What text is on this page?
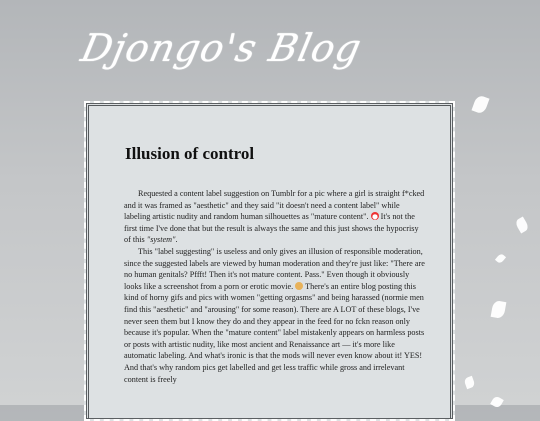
Djongo's Blog
Illusion of control

Requested a content label suggestion on Tumblr for a pic where a girl is straight f*cked and it was framed as "aesthetic" and they said "it doesn't need a content label" while labeling artistic nudity and random human silhouettes as "mature content". It's not the first time I've done that but the result is always the same and this just shows the hypocrisy of this "system".

This "label suggesting" is useless and only gives an illusion of responsible moderation, since the suggested labels are viewed by human moderation and they're just like: "There are no human genitals? Pffft! Then it's not mature content. Pass." Even though it obviously looks like a screenshot from a porn or erotic movie. There's an entire blog posting this kind of horny gifs and pics with women "getting orgasms" and being harassed (normie men find this "aesthetic" and "arousing" for some reason). There are A LOT of these blogs, I've never seen them but I know they do and they appear in the feed for no fckn reason only because it's popular. When the "mature content" label mistakenly appears on harmless posts or posts with artistic nudity, like most ancient and Renaissance art — it's more like automatic labeling. And what's ironic is that the mods will never even know about it! YES! And that's why random pics get labelled and get less traffic while gross and irrelevant content is freely
